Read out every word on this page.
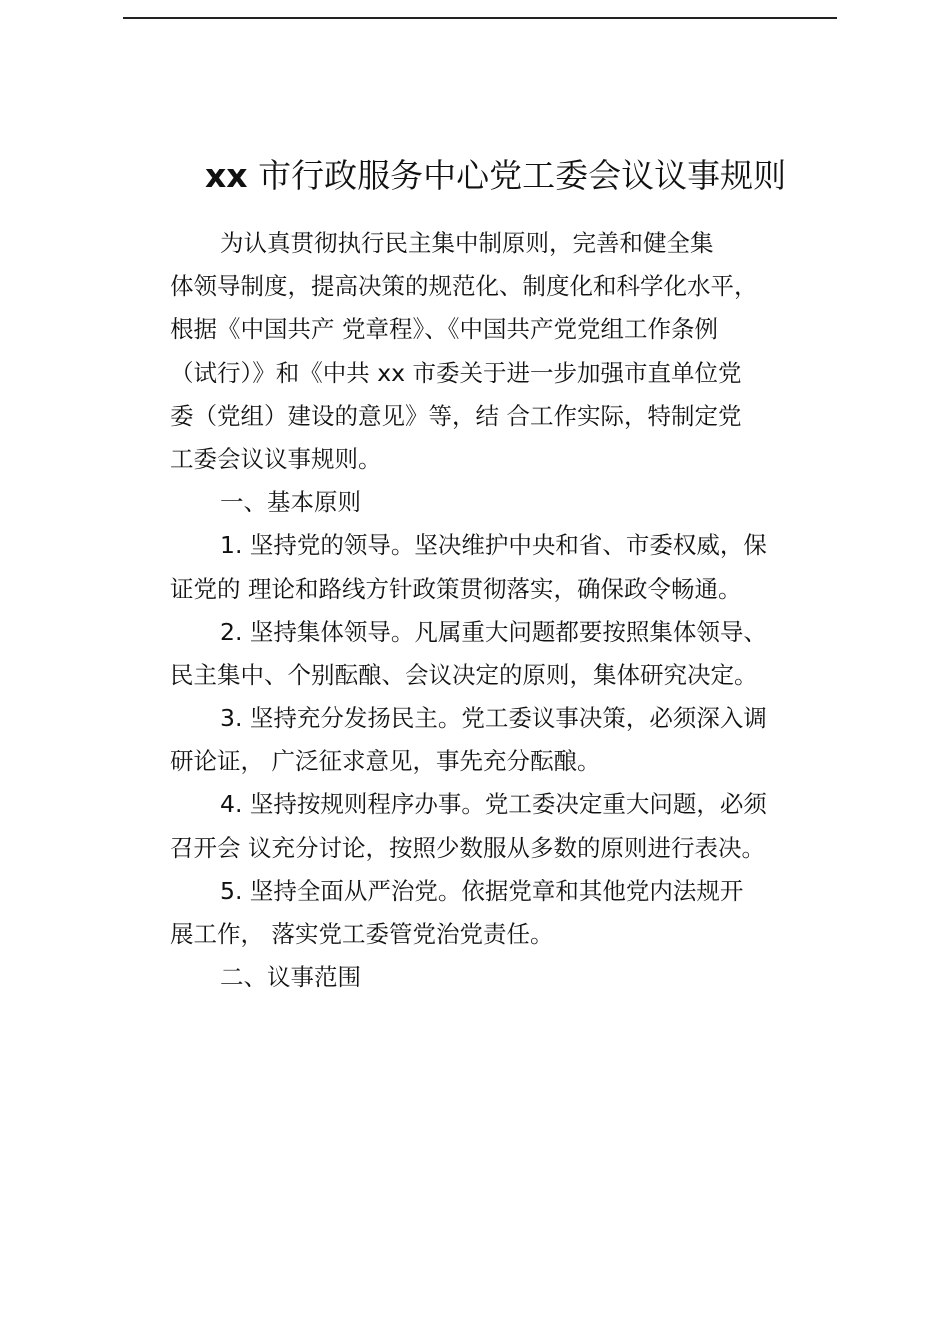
xx 市行政服务中心党工委会议议事规则

为认真贯彻执行民主集中制原则，完善和健全集

体领导制度，提高决策的规范化、制度化和科学化水平，

根据《中国共产 党章程》、《中国共产党党组工作条例

（试行）》和《中共 xx 市委关于进一步加强市直单位党

委（党组）建设的意见》等，结 合工作实际，特制定党

工委会议议事规则。

一、基本原则

1. 坚持党的领导。坚决维护中央和省、市委权威，保

证党的 理论和路线方针政策贯彻落实，确保政令畅通。

2. 坚持集体领导。凡属重大问题都要按照集体领导、

民主集中、个别酝酿、会议决定的原则，集体研究决定。

3. 坚持充分发扬民主。党工委议事决策，必须深入调

研论证， 广泛征求意见，事先充分酝酿。

4. 坚持按规则程序办事。党工委决定重大问题，必须

召开会 议充分讨论，按照少数服从多数的原则进行表决。

5. 坚持全面从严治党。依据党章和其他党内法规开

展工作， 落实党工委管党治党责任。

二、议事范围
